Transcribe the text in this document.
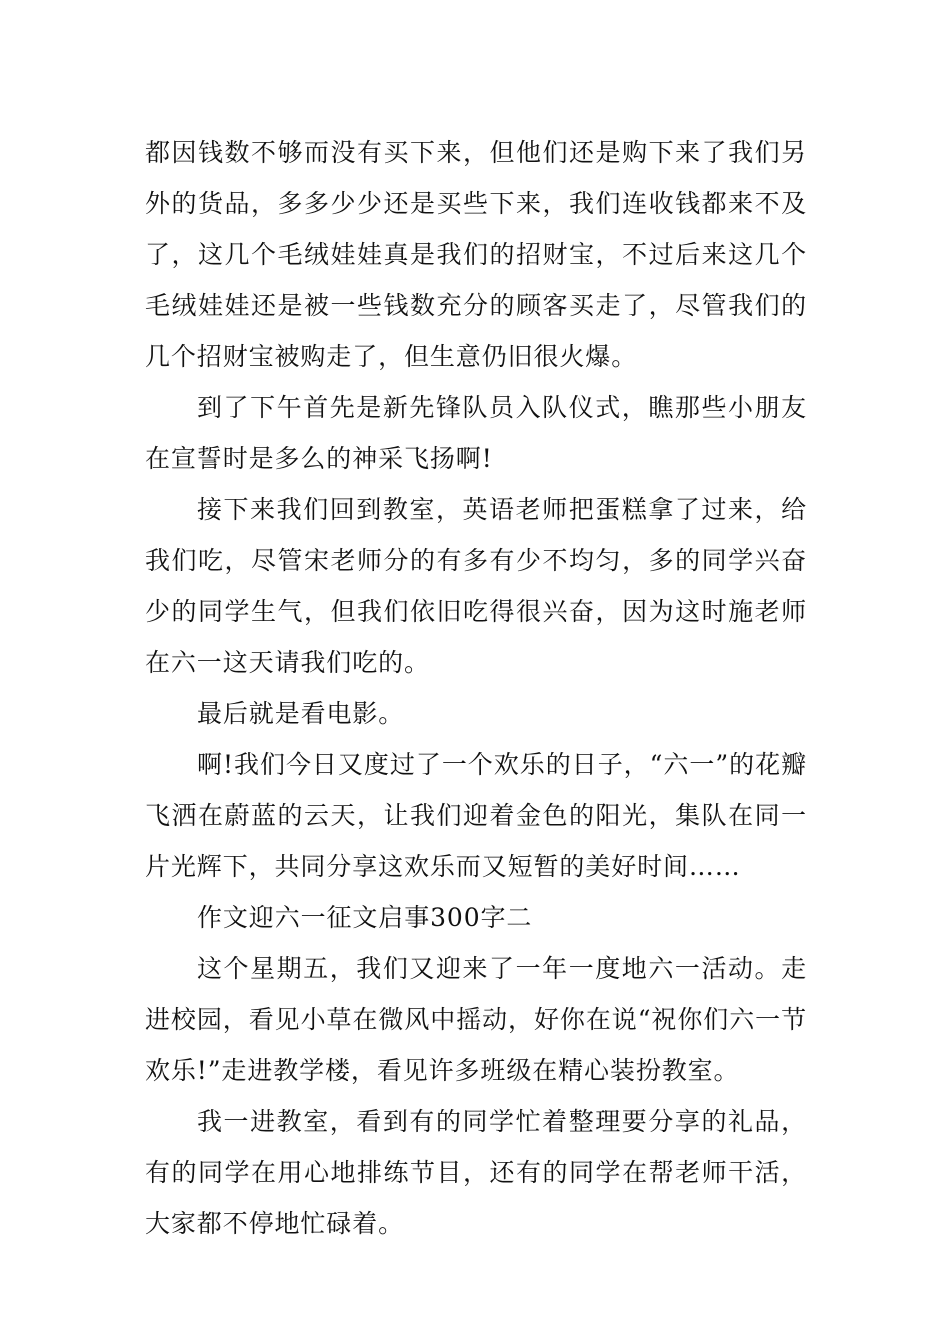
都因钱数不够而没有买下来，但他们还是购下来了我们另外的货品，多多少少还是买些下来，我们连收钱都来不及了，这几个毛绒娃娃真是我们的招财宝，不过后来这几个毛绒娃娃还是被一些钱数充分的顾客买走了，尽管我们的几个招财宝被购走了，但生意仍旧很火爆。

到了下午首先是新先锋队员入队仪式，瞧那些小朋友在宣誓时是多么的神采飞扬啊!

接下来我们回到教室，英语老师把蛋糕拿了过来，给我们吃，尽管宋老师分的有多有少不均匀，多的同学兴奋少的同学生气，但我们依旧吃得很兴奋，因为这时施老师在六一这天请我们吃的。

最后就是看电影。

啊!我们今日又度过了一个欢乐的日子，“六一”的花瓣飞洒在蔚蓝的云天，让我们迎着金色的阳光，集队在同一片光辉下，共同分享这欢乐而又短暂的美好时间……

作文迎六一征文启事300字二

这个星期五，我们又迎来了一年一度地六一活动。走进校园，看见小草在微风中摇动，好你在说“祝你们六一节欢乐!”走进教学楼，看见许多班级在精心装扮教室。

我一进教室，看到有的同学忙着整理要分享的礼品，有的同学在用心地排练节目，还有的同学在帮老师干活，大家都不停地忙碌着。
